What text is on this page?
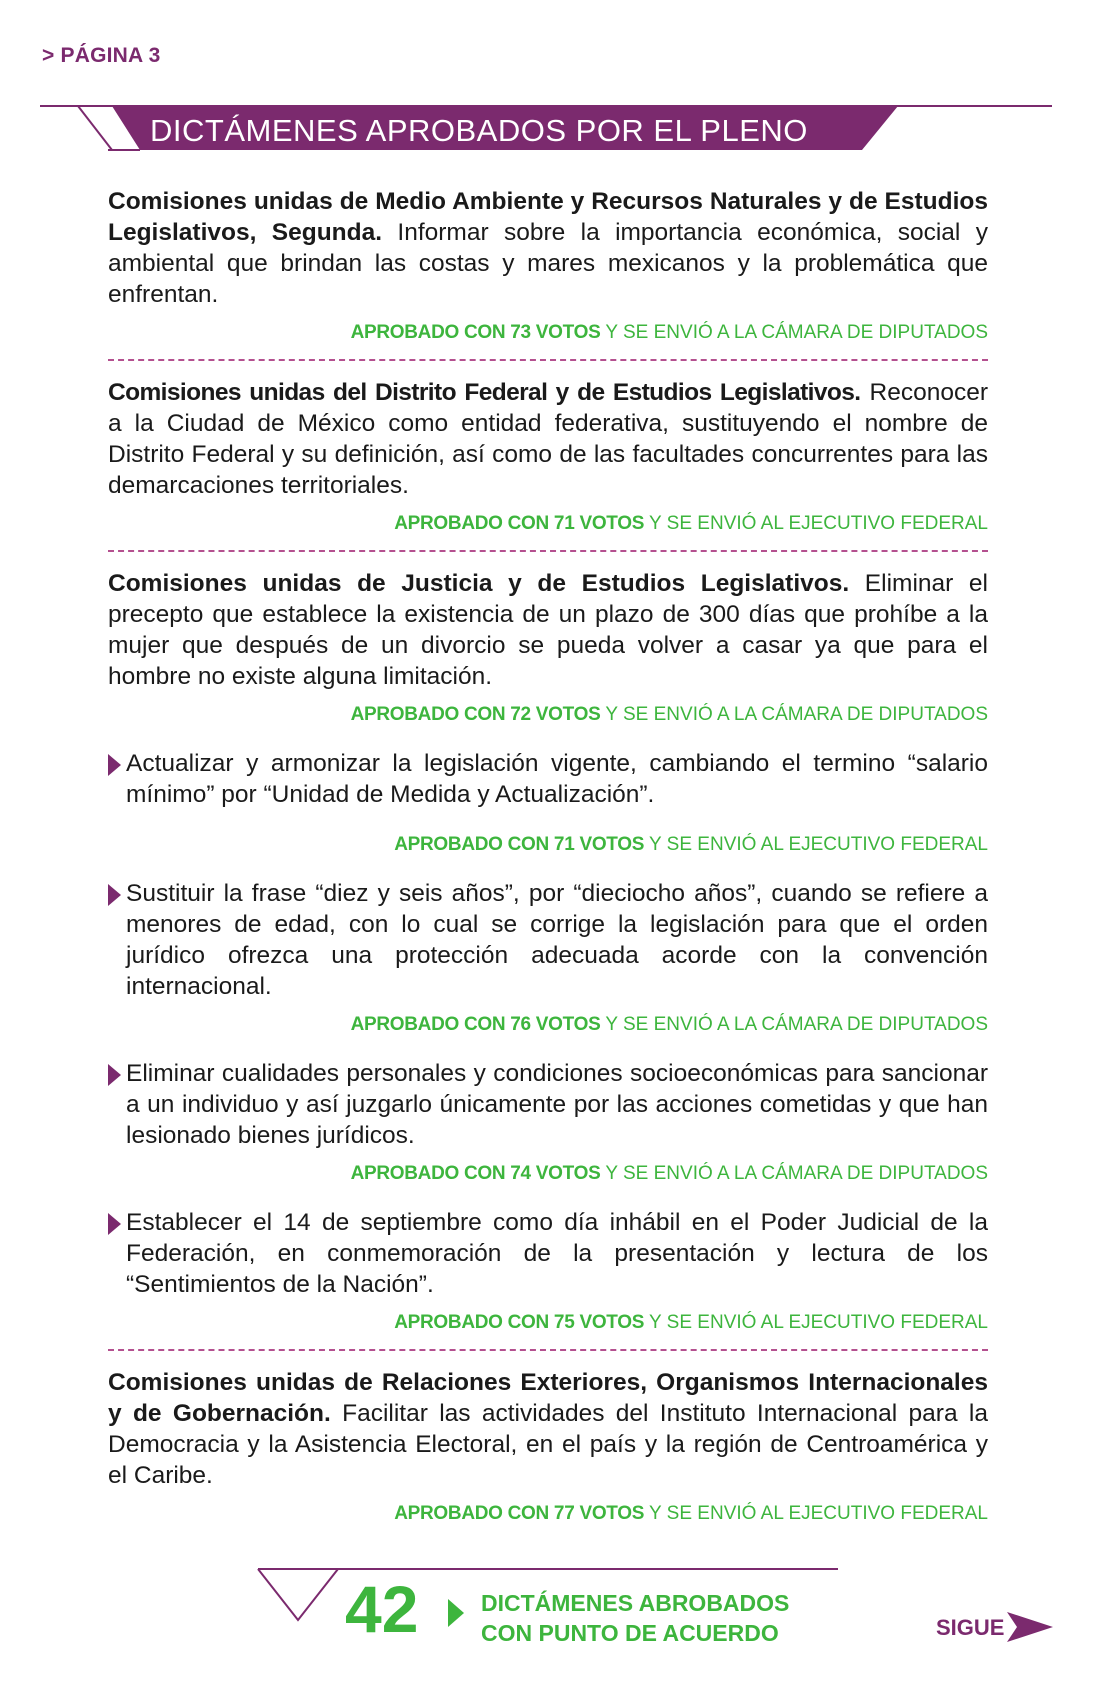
> PÁGINA 3
DICTÁMENES APROBADOS POR EL PLENO

Comisiones unidas de Medio Ambiente y Recursos Naturales y de Estudios Legislativos, Segunda. Informar sobre la importancia económica, social y ambiental que brindan las costas y mares mexicanos y la problemática que enfrentan.

APROBADO CON 73 VOTOS Y SE ENVIÓ A LA CÁMARA DE DIPUTADOS

Comisiones unidas del Distrito Federal y de Estudios Legislativos. Reconocer a la Ciudad de México como entidad federativa, sustituyendo el nombre de Distrito Federal y su definición, así como de las facultades concurrentes para las demarcaciones territoriales.

APROBADO CON 71 VOTOS Y SE ENVIÓ AL EJECUTIVO FEDERAL

Comisiones unidas de Justicia y de Estudios Legislativos. Eliminar el precepto que establece la existencia de un plazo de 300 días que prohíbe a la mujer que después de un divorcio se pueda volver a casar ya que para el hombre no existe alguna limitación.

APROBADO CON 72 VOTOS Y SE ENVIÓ A LA CÁMARA DE DIPUTADOS

Actualizar y armonizar la legislación vigente, cambiando el termino “salario mínimo” por “Unidad de Medida y Actualización”.

APROBADO CON 71 VOTOS Y SE ENVIÓ AL EJECUTIVO FEDERAL

Sustituir la frase “diez y seis años”, por “dieciocho años”, cuando se refiere a menores de edad, con lo cual se corrige la legislación para que el orden jurídico ofrezca una protección adecuada acorde con la convención internacional.

APROBADO CON 76 VOTOS Y SE ENVIÓ A LA CÁMARA DE DIPUTADOS

Eliminar cualidades personales y condiciones socioeconómicas para sancionar a un individuo y así juzgarlo únicamente por las acciones cometidas y que han lesionado bienes jurídicos.

APROBADO CON 74 VOTOS Y SE ENVIÓ A LA CÁMARA DE DIPUTADOS

Establecer el 14 de septiembre como día inhábil en el Poder Judicial de la Federación, en conmemoración de la presentación y lectura de los “Sentimientos de la Nación”.

APROBADO CON 75 VOTOS Y SE ENVIÓ AL EJECUTIVO FEDERAL

Comisiones unidas de Relaciones Exteriores, Organismos Internacionales y de Gobernación. Facilitar las actividades del Instituto Internacional para la Democracia y la Asistencia Electoral, en el país y la región de Centroamérica y el Caribe.

APROBADO CON 77 VOTOS Y SE ENVIÓ AL EJECUTIVO FEDERAL
42	DICTÁMENES ABROBADOS
CON PUNTO DE ACUERDO	SIGUE
